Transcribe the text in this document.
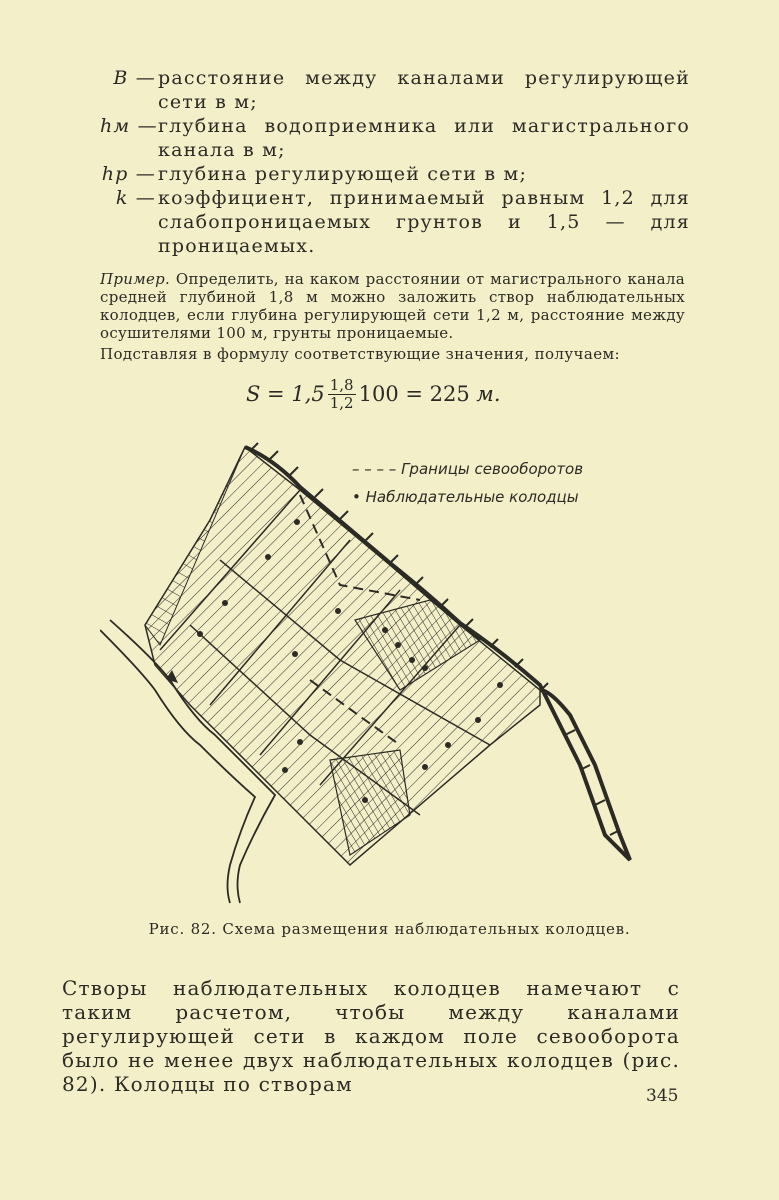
B — расстояние между каналами регулирующей сети в м;
hм — глубина водоприемника или магистрального канала в м;
hр — глубина регулирующей сети в м;
k — коэффициент, принимаемый равным 1,2 для слабопроницаемых грунтов и 1,5 — для проницаемых.
Пример. Определить, на каком расстоянии от магистрального канала средней глубиной 1,8 м можно заложить створ наблюдательных колодцев, если глубина регулирующей сети 1,2 м, расстояние между осушителями 100 м, грунты проницаемые.
Подставляя в формулу соответствующие значения, получаем:
$S = 1,5 \frac{1,8}{1,2} 100 = 225$
м.
– – – – Границы севооборотов
• Наблюдательные колодцы
Рис. 82. Схема размещения наблюдательных колодцев.
Створы наблюдательных колодцев намечают с таким расчетом, чтобы между каналами регулирующей сети в каждом поле севооборота было не менее двух наблюдательных колодцев (рис. 82). Колодцы по створам	345
